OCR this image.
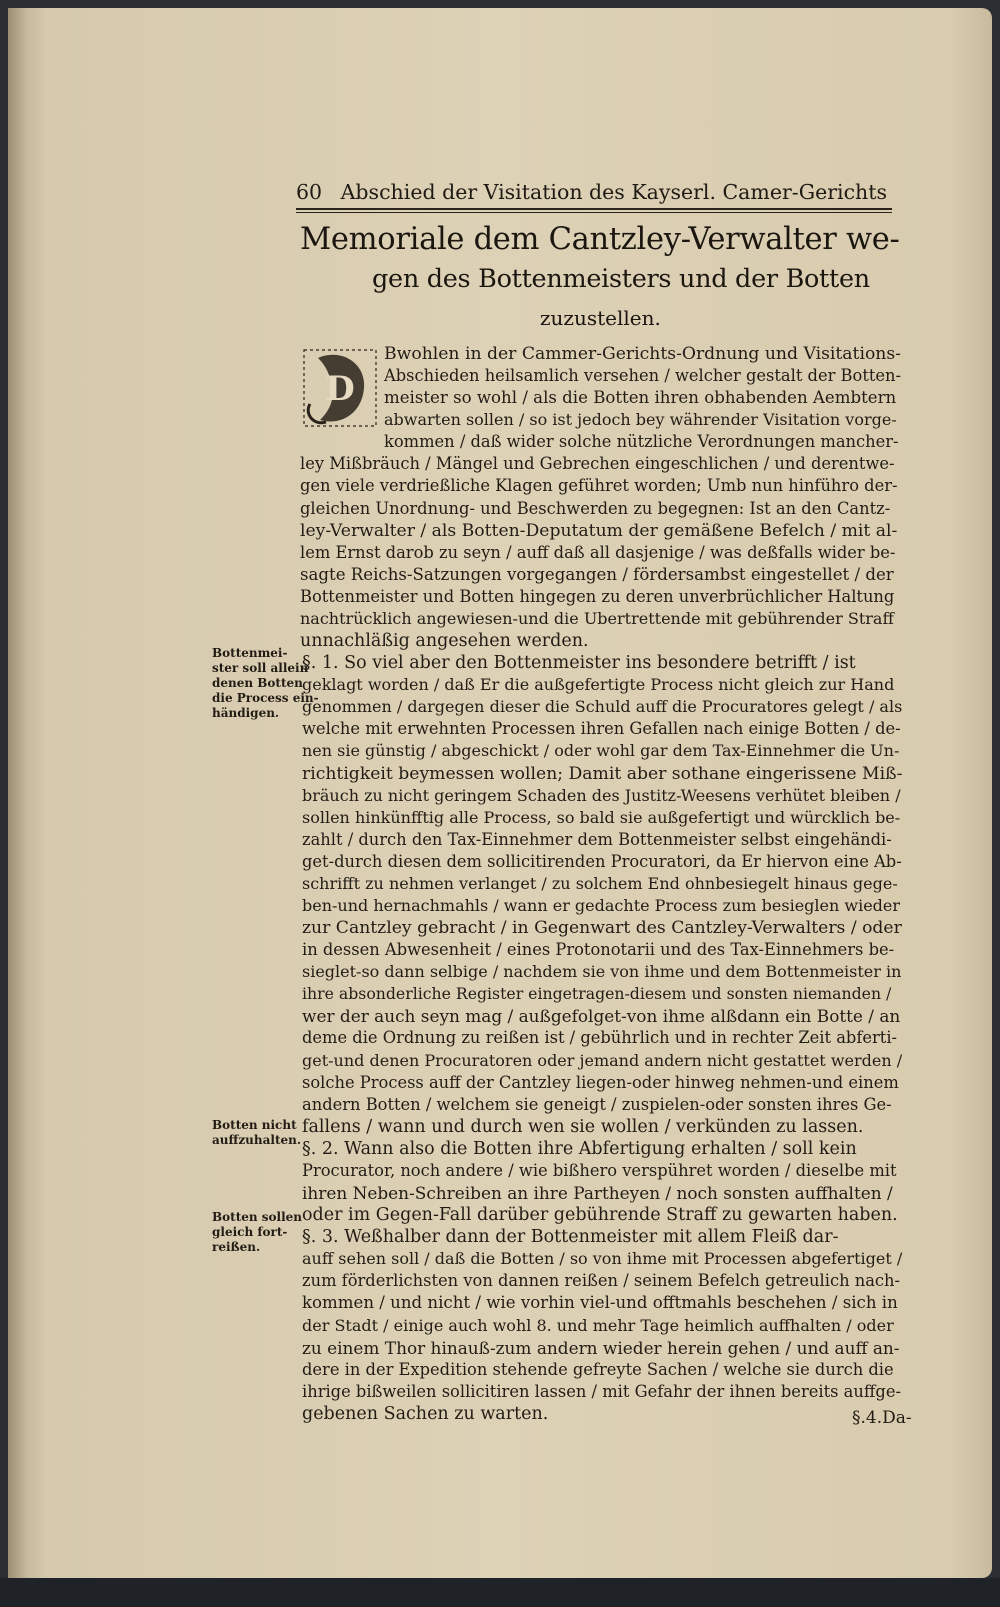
60 Abschied der Visitation des Kayserl. Camer-Gerichts
Memoriale dem Cantzley-Verwalter we-
gen des Bottenmeisters und der Botten
zuzustellen.
D
Bwohlen in der Cammer-Gerichts-Ordnung und Visitations-
Abschieden heilsamlich versehen / welcher gestalt der Botten-
meister so wohl / als die Botten ihren obhabenden Aembtern
abwarten sollen / so ist jedoch bey währender Visitation vorge-
kommen / daß wider solche nützliche Verordnungen mancher-
ley Mißbräuch / Mängel und Gebrechen eingeschlichen / und derentwe-
gen viele verdrießliche Klagen geführet worden; Umb nun hinführo der-
gleichen Unordnung- und Beschwerden zu begegnen: Ist an den Cantz-
ley-Verwalter / als Botten-Deputatum der gemäßene Befelch / mit al-
lem Ernst darob zu seyn / auff daß all dasjenige / was deßfalls wider be-
sagte Reichs-Satzungen vorgegangen / fördersambst eingestellet / der
Bottenmeister und Botten hingegen zu deren unverbrüchlicher Haltung
nachtrücklich angewiesen-und die Ubertrettende mit gebührender Straff
unnachläßig angesehen werden.
§. 1. So viel aber den Bottenmeister ins besondere betrifft / ist
geklagt worden / daß Er die außgefertigte Process nicht gleich zur Hand
genommen / dargegen dieser die Schuld auff die Procuratores gelegt / als
welche mit erwehnten Processen ihren Gefallen nach einige Botten / de-
nen sie günstig / abgeschickt / oder wohl gar dem Tax-Einnehmer die Un-
richtigkeit beymessen wollen; Damit aber sothane eingerissene Miß-
bräuch zu nicht geringem Schaden des Justitz-Weesens verhütet bleiben /
sollen hinkünfftig alle Process, so bald sie außgefertigt und würcklich be-
zahlt / durch den Tax-Einnehmer dem Bottenmeister selbst eingehändi-
get-durch diesen dem sollicitirenden Procuratori, da Er hiervon eine Ab-
schrifft zu nehmen verlanget / zu solchem End ohnbesiegelt hinaus gege-
ben-und hernachmahls / wann er gedachte Process zum besieglen wieder
zur Cantzley gebracht / in Gegenwart des Cantzley-Verwalters / oder
in dessen Abwesenheit / eines Protonotarii und des Tax-Einnehmers be-
sieglet-so dann selbige / nachdem sie von ihme und dem Bottenmeister in
ihre absonderliche Register eingetragen-diesem und sonsten niemanden /
wer der auch seyn mag / außgefolget-von ihme alßdann ein Botte / an
deme die Ordnung zu reißen ist / gebührlich und in rechter Zeit abferti-
get-und denen Procuratoren oder jemand andern nicht gestattet werden /
solche Process auff der Cantzley liegen-oder hinweg nehmen-und einem
andern Botten / welchem sie geneigt / zuspielen-oder sonsten ihres Ge-
fallens / wann und durch wen sie wollen / verkünden zu lassen.
§. 2. Wann also die Botten ihre Abfertigung erhalten / soll kein
Procurator, noch andere / wie bißhero verspühret worden / dieselbe mit
ihren Neben-Schreiben an ihre Partheyen / noch sonsten auffhalten /
oder im Gegen-Fall darüber gebührende Straff zu gewarten haben.
§. 3. Weßhalber dann der Bottenmeister mit allem Fleiß dar-
auff sehen soll / daß die Botten / so von ihme mit Processen abgefertiget /
zum förderlichsten von dannen reißen / seinem Befelch getreulich nach-
kommen / und nicht / wie vorhin viel-und offtmahls beschehen / sich in
der Stadt / einige auch wohl 8. und mehr Tage heimlich auffhalten / oder
zu einem Thor hinauß-zum andern wieder herein gehen / und auff an-
dere in der Expedition stehende gefreyte Sachen / welche sie durch die
ihrige bißweilen sollicitiren lassen / mit Gefahr der ihnen bereits auffge-
gebenen Sachen zu warten.
Bottenmei-
ster soll allein
denen Botten
die Process ein-
händigen.
Botten nicht
auffzuhalten.
Botten sollen
gleich fort-
reißen.
§.4.Da-
